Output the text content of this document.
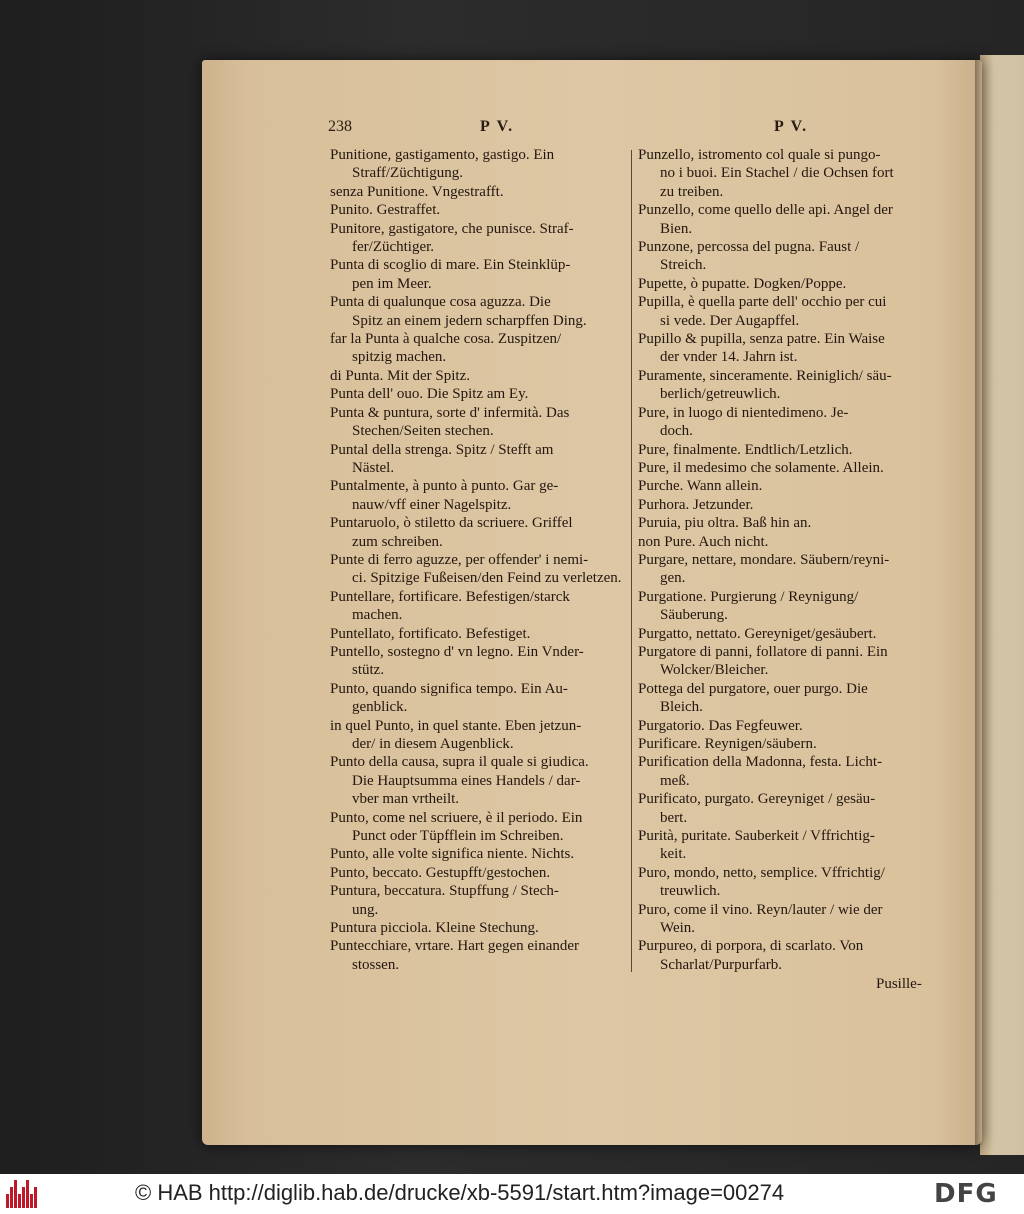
238	P V.	P V.
Punitione, gastigamento, gastigo. Ein
Straff/Züchtigung.
senza Punitione. Vngestrafft.
Punito. Gestraffet.
Punitore, gastigatore, che punisce. Straf-
fer/Züchtiger.
Punta di scoglio di mare. Ein Steinklüp-
pen im Meer.
Punta di qualunque cosa aguzza. Die
Spitz an einem jedern scharpffen Ding.
far la Punta à qualche cosa. Zuspitzen/
spitzig machen.
di Punta. Mit der Spitz.
Punta dell' ouo. Die Spitz am Ey.
Punta & puntura, sorte d' infermità. Das
Stechen/Seiten stechen.
Puntal della strenga. Spitz / Stefft am
Nästel.
Puntalmente, à punto à punto. Gar ge-
nauw/vff einer Nagelspitz.
Puntaruolo, ò stiletto da scriuere. Griffel
zum schreiben.
Punte di ferro aguzze, per offender' i nemi-
ci. Spitzige Fußeisen/den Feind zu verletzen.
Puntellare, fortificare. Befestigen/starck
machen.
Puntellato, fortificato. Befestiget.
Puntello, sostegno d' vn legno. Ein Vnder-
stütz.
Punto, quando significa tempo. Ein Au-
genblick.
in quel Punto, in quel stante. Eben jetzun-
der/ in diesem Augenblick.
Punto della causa, supra il quale si giudica.
Die Hauptsumma eines Handels / dar-
vber man vrtheilt.
Punto, come nel scriuere, è il periodo. Ein
Punct oder Tüpfflein im Schreiben.
Punto, alle volte significa niente. Nichts.
Punto, beccato. Gestupfft/gestochen.
Puntura, beccatura. Stupffung / Stech-
ung.
Puntura picciola. Kleine Stechung.
Puntecchiare, vrtare. Hart gegen einander
stossen.
Punzello, istromento col quale si pungo-
no i buoi. Ein Stachel / die Ochsen fort
zu treiben.
Punzello, come quello delle api. Angel der
Bien.
Punzone, percossa del pugna. Faust /
Streich.
Pupette, ò pupatte. Dogken/Poppe.
Pupilla, è quella parte dell' occhio per cui
si vede. Der Augapffel.
Pupillo & pupilla, senza patre. Ein Waise
der vnder 14. Jahrn ist.
Puramente, sinceramente. Reiniglich/ säu-
berlich/getreuwlich.
Pure, in luogo di nientedimeno. Je-
doch.
Pure, finalmente. Endtlich/Letzlich.
Pure, il medesimo che solamente. Allein.
Purche. Wann allein.
Purhora. Jetzunder.
Puruia, piu oltra. Baß hin an.
non Pure. Auch nicht.
Purgare, nettare, mondare. Säubern/reyni-
gen.
Purgatione. Purgierung / Reynigung/
Säuberung.
Purgatto, nettato. Gereyniget/gesäubert.
Purgatore di panni, follatore di panni. Ein
Wolcker/Bleicher.
Pottega del purgatore, ouer purgo. Die
Bleich.
Purgatorio. Das Fegfeuwer.
Purificare. Reynigen/säubern.
Purification della Madonna, festa. Licht-
meß.
Purificato, purgato. Gereyniget / gesäu-
bert.
Purità, puritate. Sauberkeit / Vffrichtig-
keit.
Puro, mondo, netto, semplice. Vffrichtig/
treuwlich.
Puro, come il vino. Reyn/lauter / wie der
Wein.
Purpureo, di porpora, di scarlato. Von
Scharlat/Purpurfarb.
Pusille-
© HAB http://diglib.hab.de/drucke/xb-5591/start.htm?image=00274	DFG
